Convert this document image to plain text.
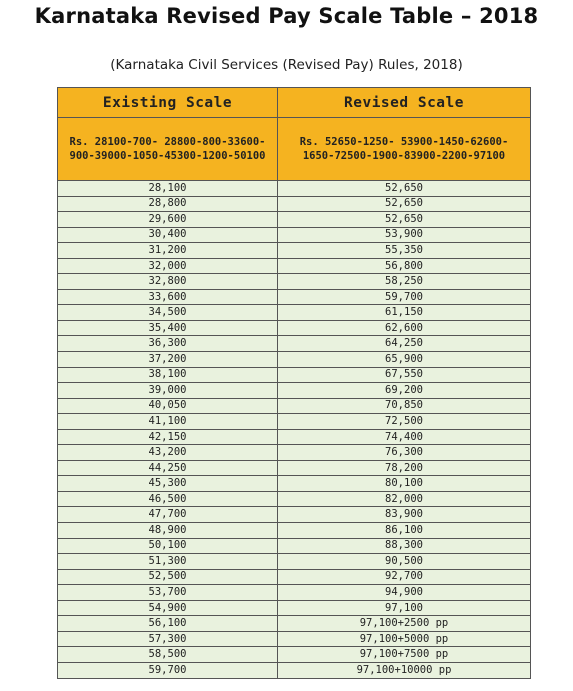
Karnataka Revised Pay Scale Table – 2018
(Karnataka Civil Services (Revised Pay) Rules, 2018)
Existing Scale	Revised Scale
Rs. 28100-700- 28800-800-33600-900-39000-1050-45300-1200-50100	Rs. 52650-1250- 53900-1450-62600-1650-72500-1900-83900-2200-97100
28,100	52,650
28,800	52,650
29,600	52,650
30,400	53,900
31,200	55,350
32,000	56,800
32,800	58,250
33,600	59,700
34,500	61,150
35,400	62,600
36,300	64,250
37,200	65,900
38,100	67,550
39,000	69,200
40,050	70,850
41,100	72,500
42,150	74,400
43,200	76,300
44,250	78,200
45,300	80,100
46,500	82,000
47,700	83,900
48,900	86,100
50,100	88,300
51,300	90,500
52,500	92,700
53,700	94,900
54,900	97,100
56,100	97,100+2500 pp
57,300	97,100+5000 pp
58,500	97,100+7500 pp
59,700	97,100+10000 pp
